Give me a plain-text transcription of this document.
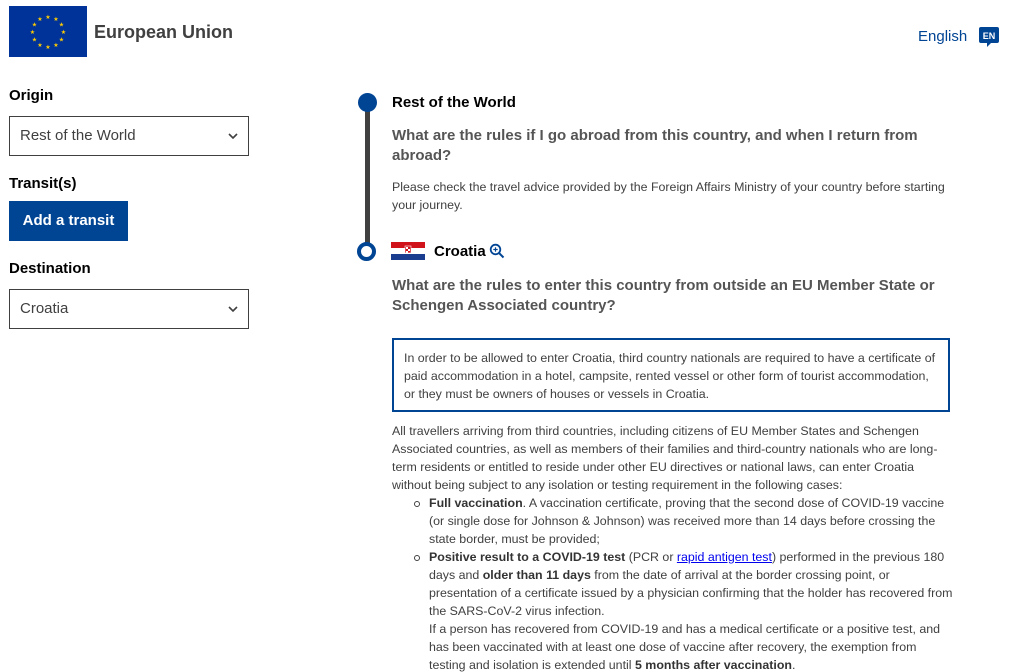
★ ★
★
★
★
★
★
★
★
★
★
★
European Union	English EN
Origin
Rest of the World
Transit(s)
Add a transit
Destination
Croatia
Rest of the World
What are the rules if I go abroad from this country, and when I return from abroad?
Please check the travel advice provided by the Foreign Affairs Ministry of your country before starting your journey.
Croatia
What are the rules to enter this country from outside an EU Member State or Schengen Associated country?
In order to be allowed to enter Croatia, third country nationals are required to have a certificate of paid accommodation in a hotel, campsite, rented vessel or other form of tourist accommodation, or they must be owners of houses or vessels in Croatia.
All travellers arriving from third countries, including citizens of EU Member States and Schengen Associated countries, as well as members of their families and third-country nationals who are long-term residents or entitled to reside under other EU directives or national laws, can enter Croatia without being subject to any isolation or testing requirement in the following cases:
Full vaccination. A vaccination certificate, proving that the second dose of COVID-19 vaccine (or single dose for Johnson & Johnson) was received more than 14 days before crossing the state border, must be provided;
Positive result to a COVID-19 test (PCR or rapid antigen test) performed in the previous 180 days and older than 11 days from the date of arrival at the border crossing point, or presentation of a certificate issued by a physician confirming that the holder has recovered from the SARS-CoV-2 virus infection.
If a person has recovered from COVID-19 and has a medical certificate or a positive test, and has been vaccinated with at least one dose of vaccine after recovery, the exemption from testing and isolation is extended until 5 months after vaccination.
